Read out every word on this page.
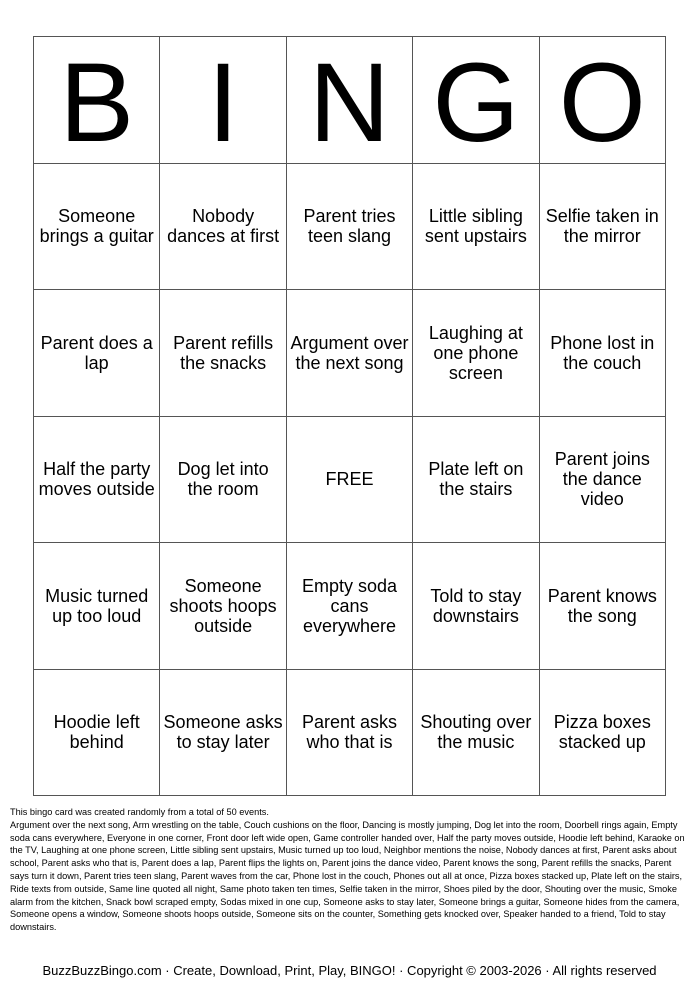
B I N G O
Someone brings a guitar
Nobody dances at first
Parent tries teen slang
Little sibling sent upstairs
Selfie taken in the mirror
Parent does a lap
Parent refills the snacks
Argument over the next song
Laughing at one phone screen
Phone lost in the couch
Half the party moves outside
Dog let into the room	FREE	Plate left on the stairs
Parent joins the dance video
Music turned up too loud
Someone shoots hoops outside
Empty soda cans everywhere
Told to stay downstairs
Parent knows the song
Hoodie left behind
Someone asks to stay later
Parent asks who that is
Shouting over the music
Pizza boxes stacked up

This bingo card was created randomly from a total of 50 events.

Argument over the next song, Arm wrestling on the table, Couch cushions on the floor, Dancing is mostly jumping, Dog let into the room, Doorbell rings again, Empty soda cans everywhere, Everyone in one corner, Front door left wide open, Game controller handed over, Half the party moves outside, Hoodie left behind, Karaoke on the TV, Laughing at one phone screen, Little sibling sent upstairs, Music turned up too loud, Neighbor mentions the noise, Nobody dances at first, Parent asks about school, Parent asks who that is, Parent does a lap, Parent flips the lights on, Parent joins the dance video, Parent knows the song, Parent refills the snacks, Parent says turn it down, Parent tries teen slang, Parent waves from the car, Phone lost in the couch, Phones out all at once, Pizza boxes stacked up, Plate left on the stairs, Ride texts from outside, Same line quoted all night, Same photo taken ten times, Selfie taken in the mirror, Shoes piled by the door, Shouting over the music, Smoke alarm from the kitchen, Snack bowl scraped empty, Sodas mixed in one cup, Someone asks to stay later, Someone brings a guitar, Someone hides from the camera, Someone opens a window, Someone shoots hoops outside, Someone sits on the counter, Something gets knocked over, Speaker handed to a friend, Told to stay downstairs.

BuzzBuzzBingo.com · Create, Download, Print, Play, BINGO! · Copyright © 2003-2026 · All rights reserved
